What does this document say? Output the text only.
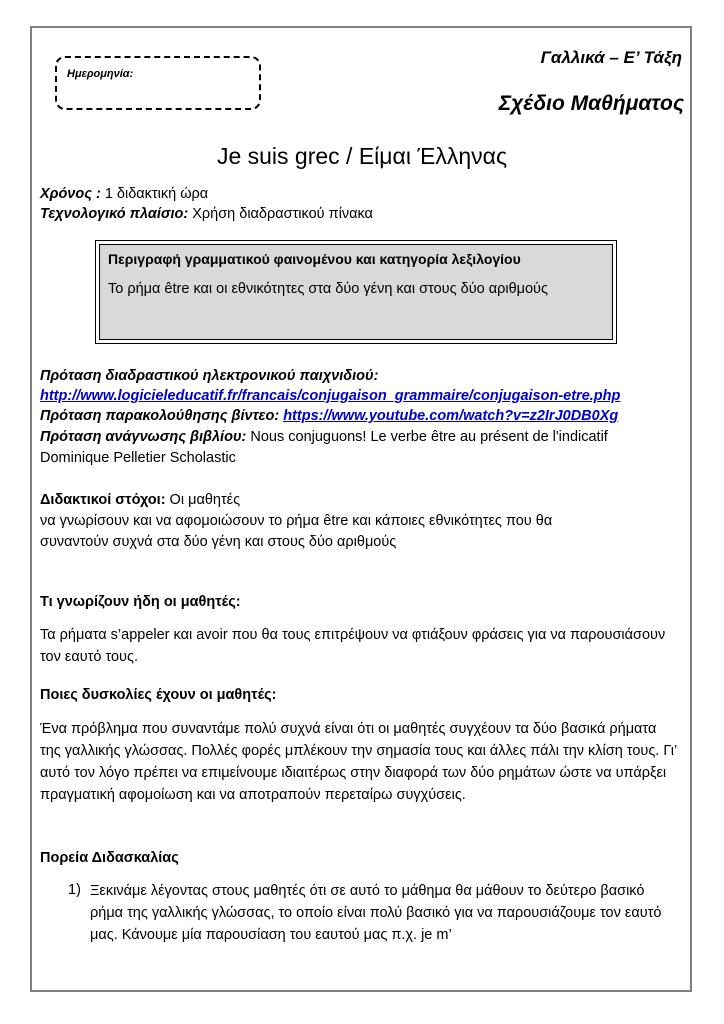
Ημερομηνία:
Γαλλικά – Ε’ Τάξη
Σχέδιο Μαθήματος
Je suis grec / Είμαι Έλληνας
Χρόνος : 1 διδακτική ώρα
Τεχνολογικό πλαίσιο: Χρήση διαδραστικού πίνακα
Περιγραφή γραμματικού φαινομένου και κατηγορία λεξιλογίου
Το ρήμα être και οι εθνικότητες στα δύο γένη και στους δύο αριθμούς
Πρόταση διαδραστικού ηλεκτρονικού παιχνιδιού:
http://www.logicieleducatif.fr/francais/conjugaison_grammaire/conjugaison-etre.php
Πρόταση παρακολούθησης βίντεο: https://www.youtube.com/watch?v=z2IrJ0DB0Xg
Πρόταση ανάγνωσης βιβλίου: Nous conjuguons! Le verbe être au présent de l'indicatif
Dominique Pelletier Scholastic
Διδακτικοί στόχοι: Οι μαθητές
να γνωρίσουν και να αφομοιώσουν το ρήμα être και κάποιες εθνικότητες που θα
συναντούν συχνά στα δύο γένη και στους δύο αριθμούς
Τι γνωρίζουν ήδη οι μαθητές:
Τα ρήματα s’appeler και avoir που θα τους επιτρέψουν να φτιάξουν φράσεις για να παρουσιάσουν τον εαυτό τους.
Ποιες δυσκολίες έχουν οι μαθητές:
Ένα πρόβλημα που συναντάμε πολύ συχνά είναι ότι οι μαθητές συγχέουν τα δύο βασικά ρήματα της γαλλικής γλώσσας. Πολλές φορές μπλέκουν την σημασία τους και άλλες πάλι την κλίση τους. Γι’ αυτό τον λόγο πρέπει να επιμείνουμε ιδιαιτέρως στην διαφορά των δύο ρημάτων ώστε να υπάρξει πραγματική αφομοίωση και να αποτραπούν περεταίρω συγχύσεις.
Πορεία Διδασκαλίας
1) Ξεκινάμε λέγοντας στους μαθητές ότι σε αυτό το μάθημα θα μάθουν το δεύτερο βασικό ρήμα της γαλλικής γλώσσας, το οποίο είναι πολύ βασικό για να παρουσιάζουμε τον εαυτό μας. Κάνουμε μία παρουσίαση του εαυτού μας π.χ. je m’
